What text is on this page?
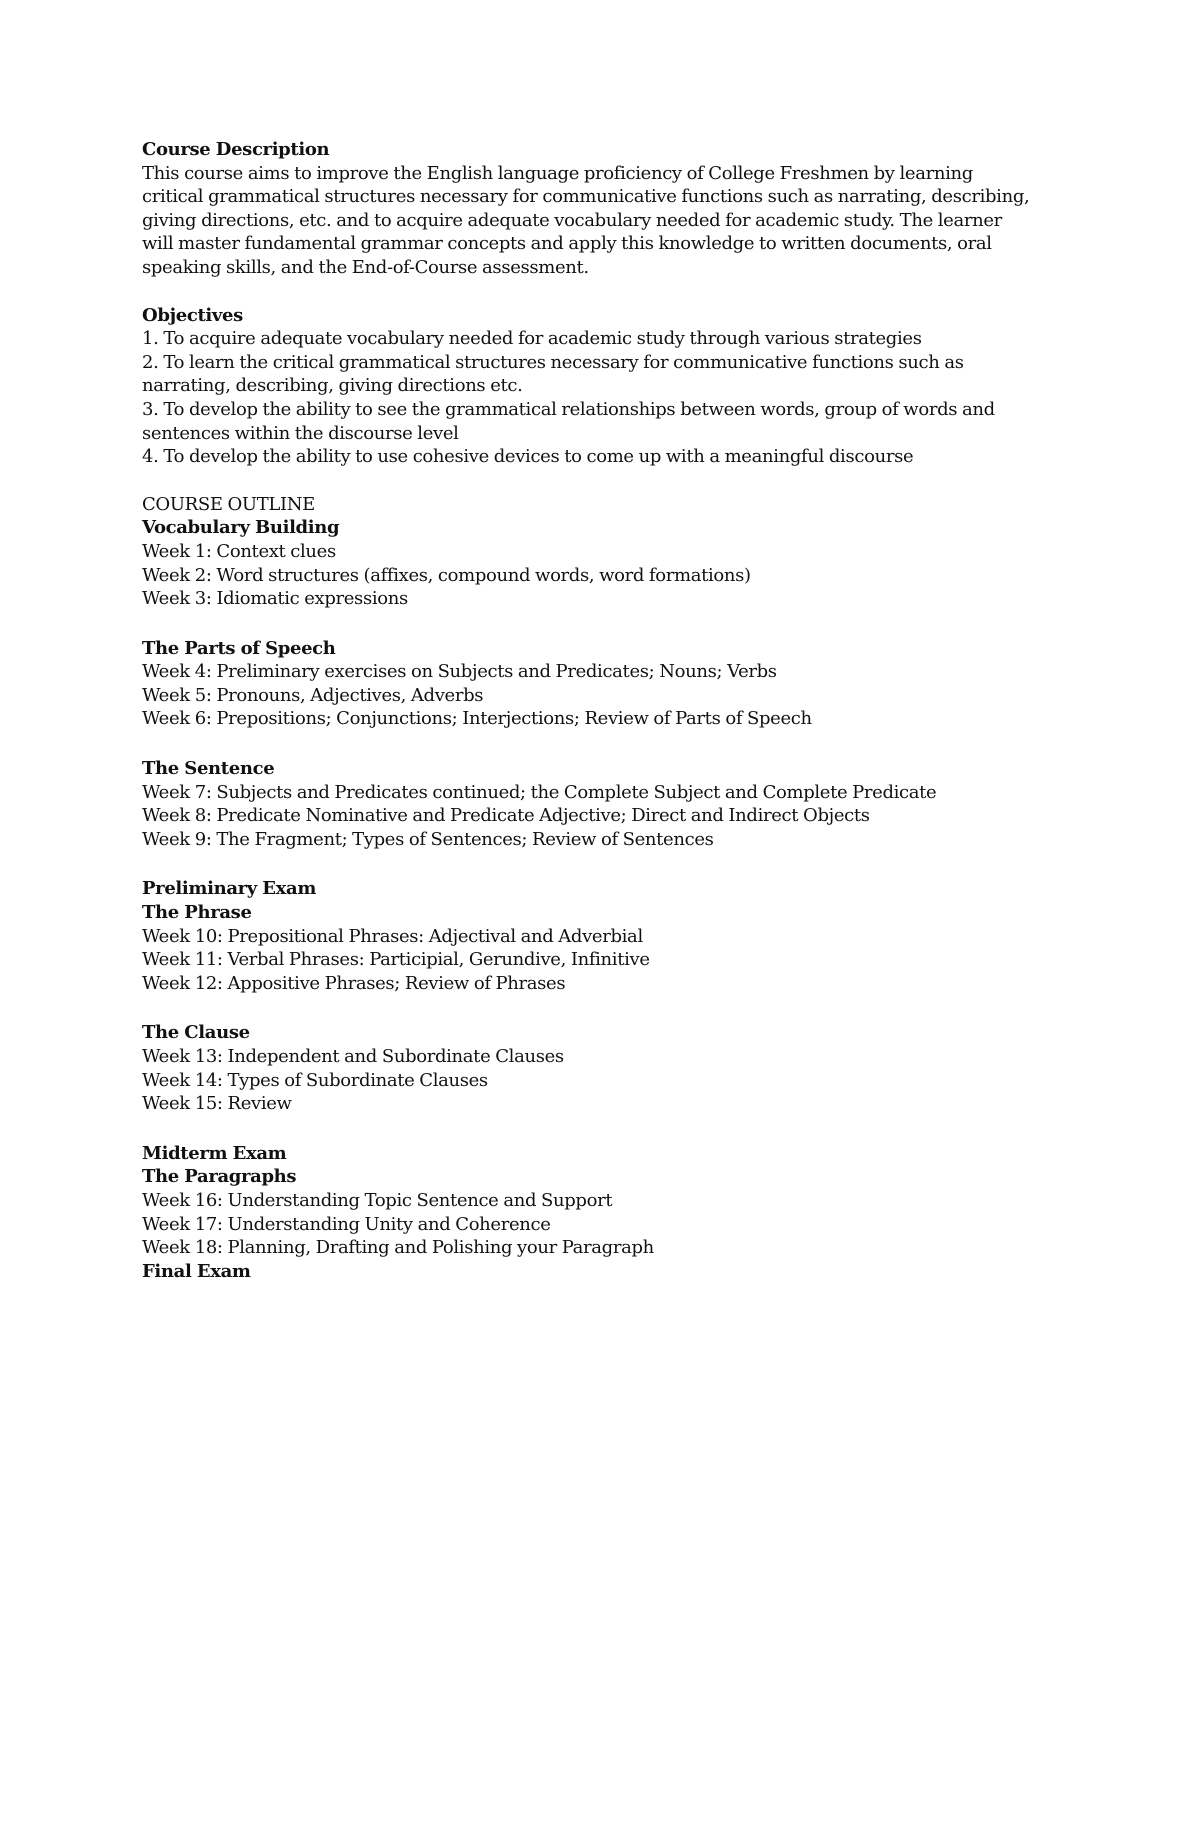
Course Description
This course aims to improve the English language proficiency of College Freshmen by learning
critical grammatical structures necessary for communicative functions such as narrating, describing,
giving directions, etc. and to acquire adequate vocabulary needed for academic study. The learner
will master fundamental grammar concepts and apply this knowledge to written documents, oral
speaking skills, and the End-of-Course assessment.
Objectives
1. To acquire adequate vocabulary needed for academic study through various strategies
2. To learn the critical grammatical structures necessary for communicative functions such as
narrating, describing, giving directions etc.
3. To develop the ability to see the grammatical relationships between words, group of words and
sentences within the discourse level
4. To develop the ability to use cohesive devices to come up with a meaningful discourse
COURSE OUTLINE
Vocabulary Building
Week 1: Context clues
Week 2: Word structures (affixes, compound words, word formations)
Week 3: Idiomatic expressions
The Parts of Speech
Week 4: Preliminary exercises on Subjects and Predicates; Nouns; Verbs
Week 5: Pronouns, Adjectives, Adverbs
Week 6: Prepositions; Conjunctions; Interjections; Review of Parts of Speech
The Sentence
Week 7: Subjects and Predicates continued; the Complete Subject and Complete Predicate
Week 8: Predicate Nominative and Predicate Adjective; Direct and Indirect Objects
Week 9: The Fragment; Types of Sentences; Review of Sentences
Preliminary Exam
The Phrase
Week 10: Prepositional Phrases: Adjectival and Adverbial
Week 11: Verbal Phrases: Participial, Gerundive, Infinitive
Week 12: Appositive Phrases; Review of Phrases
The Clause
Week 13: Independent and Subordinate Clauses
Week 14: Types of Subordinate Clauses
Week 15: Review
Midterm Exam
The Paragraphs
Week 16: Understanding Topic Sentence and Support
Week 17: Understanding Unity and Coherence
Week 18: Planning, Drafting and Polishing your Paragraph
Final Exam
